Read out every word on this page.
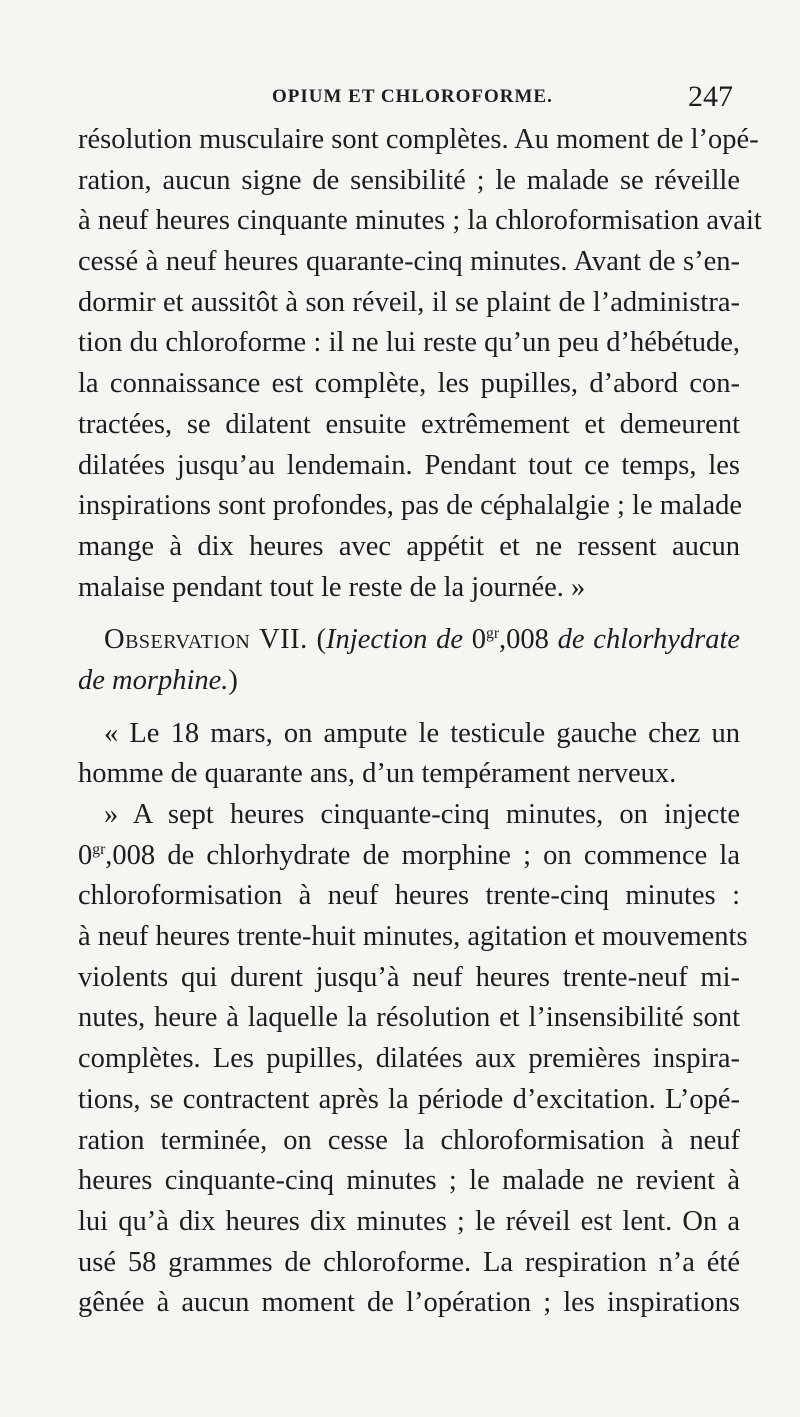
OPIUM ET CHLOROFORME.	247
résolution musculaire sont complètes. Au moment de l’opé-
ration, aucun signe de sensibilité ; le malade se réveille
à neuf heures cinquante minutes ; la chloroformisation avait
cessé à neuf heures quarante-cinq minutes. Avant de s’en-
dormir et aussitôt à son réveil, il se plaint de l’administra-
tion du chloroforme : il ne lui reste qu’un peu d’hébétude,
la connaissance est complète, les pupilles, d’abord con-
tractées, se dilatent ensuite extrêmement et demeurent
dilatées jusqu’au lendemain. Pendant tout ce temps, les
inspirations sont profondes, pas de céphalalgie ; le malade
mange à dix heures avec appétit et ne ressent aucun
malaise pendant tout le reste de la journée. »
Observation VII. (Injection de $0^{gr},008$ de chlorhydrate
de morphine.)
« Le 18 mars, on ampute le testicule gauche chez un
homme de quarante ans, d’un tempérament nerveux.
» A sept heures cinquante-cinq minutes, on injecte
$0^{gr},008$ de chlorhydrate de morphine ; on commence la
chloroformisation à neuf heures trente-cinq minutes :
à neuf heures trente-huit minutes, agitation et mouvements
violents qui durent jusqu’à neuf heures trente-neuf mi-
nutes, heure à laquelle la résolution et l’insensibilité sont
complètes. Les pupilles, dilatées aux premières inspira-
tions, se contractent après la période d’excitation. L’opé-
ration terminée, on cesse la chloroformisation à neuf
heures cinquante-cinq minutes ; le malade ne revient à
lui qu’à dix heures dix minutes ; le réveil est lent. On a
usé 58 grammes de chloroforme. La respiration n’a été
gênée à aucun moment de l’opération ; les inspirations
